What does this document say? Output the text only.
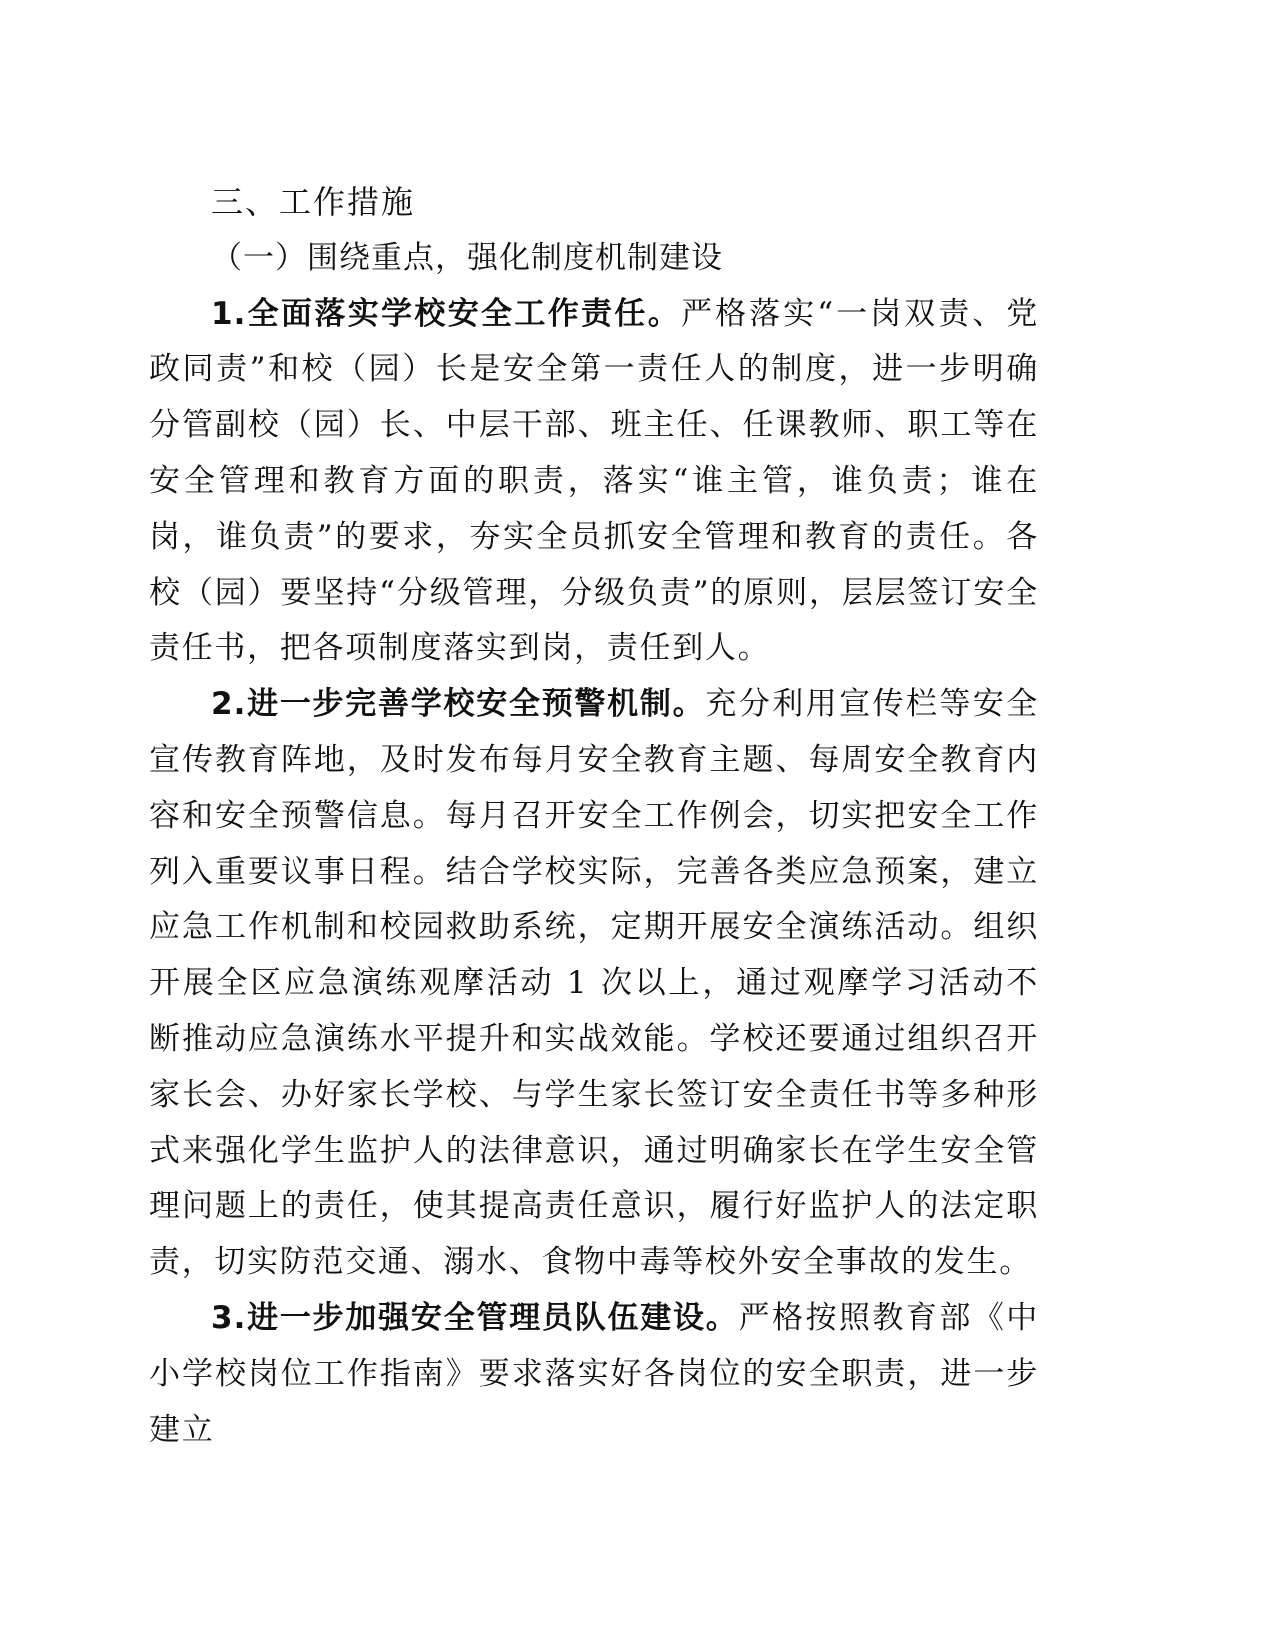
三、工作措施

（一）围绕重点，强化制度机制建设

1.全面落实学校安全工作责任。严格落实“一岗双责、党政同责”和校（园）长是安全第一责任人的制度，进一步明确分管副校（园）长、中层干部、班主任、任课教师、职工等在安全管理和教育方面的职责，落实“谁主管，谁负责；谁在岗，谁负责”的要求，夯实全员抓安全管理和教育的责任。各校（园）要坚持“分级管理，分级负责”的原则，层层签订安全责任书，把各项制度落实到岗，责任到人。

2.进一步完善学校安全预警机制。充分利用宣传栏等安全宣传教育阵地，及时发布每月安全教育主题、每周安全教育内容和安全预警信息。每月召开安全工作例会，切实把安全工作列入重要议事日程。结合学校实际，完善各类应急预案，建立应急工作机制和校园救助系统，定期开展安全演练活动。组织开展全区应急演练观摩活动 1 次以上，通过观摩学习活动不断推动应急演练水平提升和实战效能。学校还要通过组织召开家长会、办好家长学校、与学生家长签订安全责任书等多种形式来强化学生监护人的法律意识，通过明确家长在学生安全管理问题上的责任，使其提高责任意识，履行好监护人的法定职责，切实防范交通、溺水、食物中毒等校外安全事故的发生。

3.进一步加强安全管理员队伍建设。严格按照教育部《中小学校岗位工作指南》要求落实好各岗位的安全职责，进一步建立
